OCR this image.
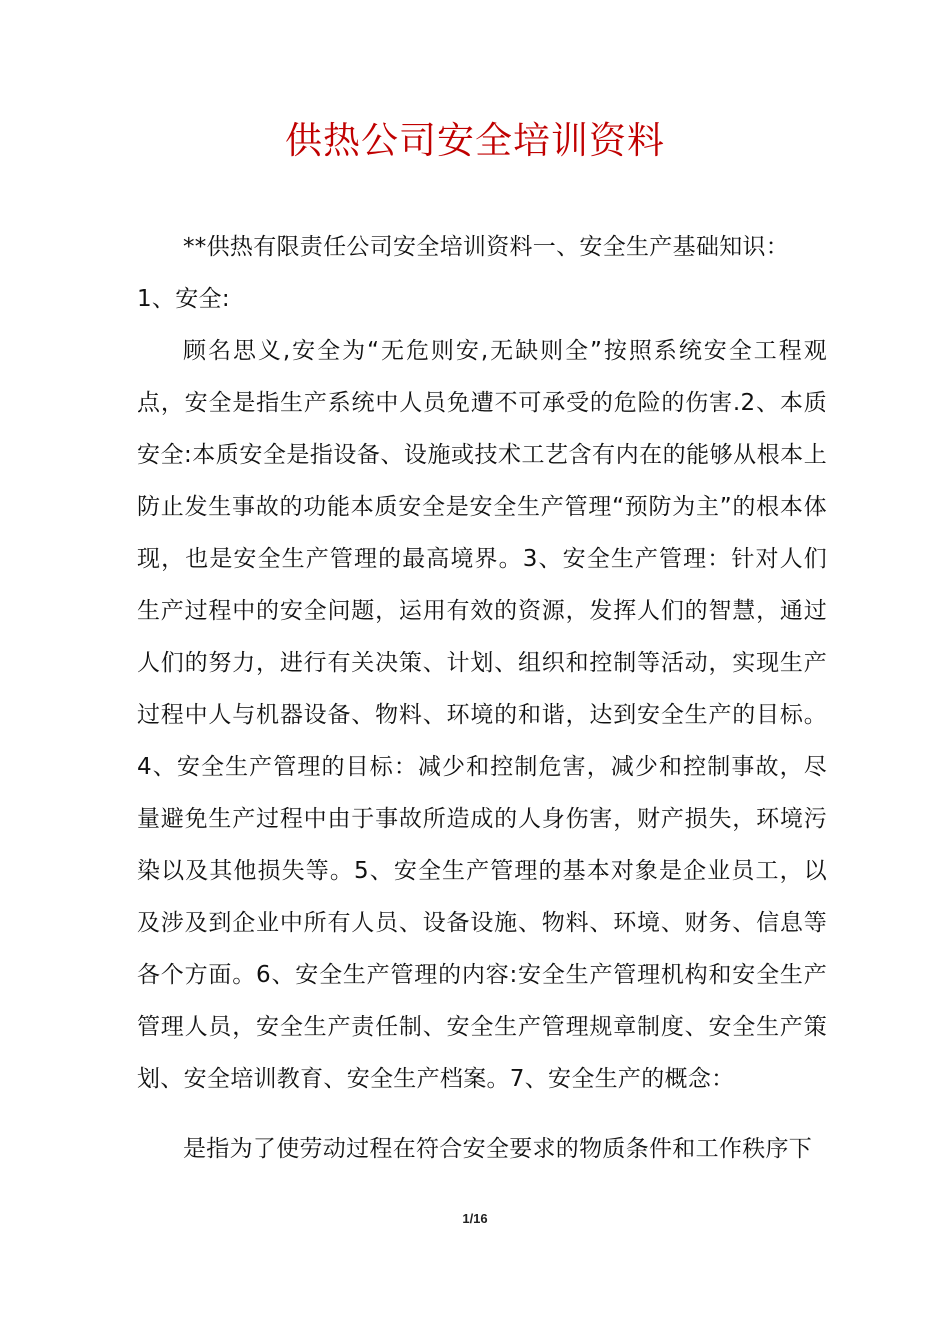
供热公司安全培训资料

**供热有限责任公司安全培训资料一、安全生产基础知识：

1、安全:

顾名思义,安全为“无危则安,无缺则全”按照系统安全工程观点，安全是指生产系统中人员免遭不可承受的危险的伤害.2、本质安全:本质安全是指设备、设施或技术工艺含有内在的能够从根本上防止发生事故的功能本质安全是安全生产管理“预防为主”的根本体现，也是安全生产管理的最高境界。3、安全生产管理：针对人们生产过程中的安全问题，运用有效的资源，发挥人们的智慧，通过人们的努力，进行有关决策、计划、组织和控制等活动，实现生产过程中人与机器设备、物料、环境的和谐，达到安全生产的目标。4、安全生产管理的目标：减少和控制危害，减少和控制事故，尽量避免生产过程中由于事故所造成的人身伤害，财产损失，环境污染以及其他损失等。5、安全生产管理的基本对象是企业员工，以及涉及到企业中所有人员、设备设施、物料、环境、财务、信息等各个方面。6、安全生产管理的内容:安全生产管理机构和安全生产管理人员，安全生产责任制、安全生产管理规章制度、安全生产策划、安全培训教育、安全生产档案。7、安全生产的概念：

是指为了使劳动过程在符合安全要求的物质条件和工作秩序下

1/16
